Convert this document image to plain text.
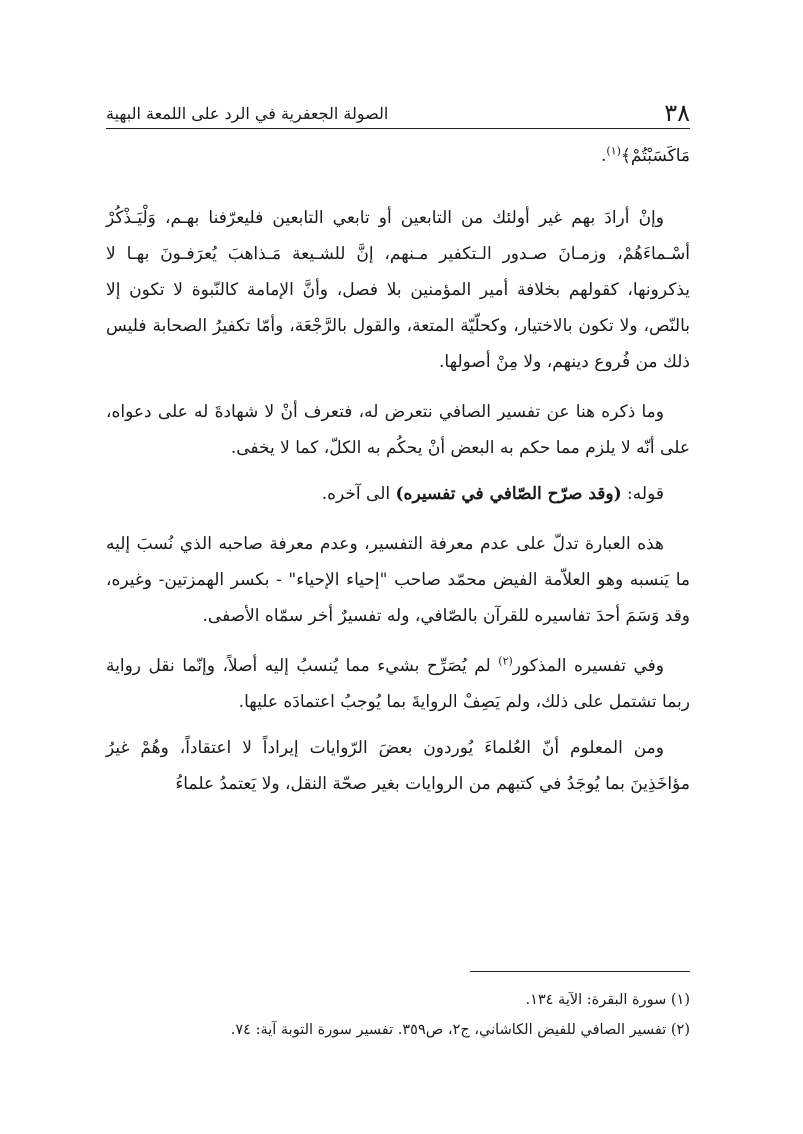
٣٨
الصولة الجعفرية في الرد على اللمعة البهية

مَاكَسَبْتُمْ﴾$^{(١)}$.

وإنْ أرادَ بهم غير أولئك من التابعين أو تابعي التابعين فليعرّفنا بهـم، وَلْيَـذْكُرْ أسْـماءَهُمْ، وزمـانَ صـدور الـتكفير مـنهم، إنَّ للشـيعة مَـذاهبَ يُعرَفـونَ بهـا لا يذكرونها، كقولهم بخلافة أمير المؤمنين بلا فصل، وأنَّ الإمامة كالنّبوة لا تكون إلا بالنّص، ولا تكون بالاختيار، وكحلّيّة المتعة، والقول بالرَّجْعَة، وأمّا تكفيرُ الصحابة فليس ذلك من فُروع دينهم، ولا مِنْ أصولها.

وما ذكره هنا عن تفسير الصافي نتعرض له، فتعرف أنْ لا شهادةَ له على دعواه، على أنّه لا يلزم مما حكم به البعض أنْ يحكُم به الكلّ، كما لا يخفى.

قوله: (وقد صرّح الصّافي في تفسيره) الى آخره.

هذه العبارة تدلّ على عدم معرفة التفسير، وعدم معرفة صاحبه الذي نُسبَ إليه ما يَنسبه وهو العلاّمة الفيض محمّد صاحب "إحياء الإحياء" - بكسر الهمزتين- وغيره، وقد وَسَمَ أحدَ تفاسيره للقرآن بالصّافي، وله تفسيرٌ أخر سمّاه الأصفى.

وفي تفسيره المذكور$^{(٢)}$ لم يُصَرِّح بشيء مما يُنسبُ إليه أصلاً، وإنّما نقل رواية ربما تشتمل على ذلك، ولم يَصِفْ الروايةَ بما يُوجبُ اعتمادَه عليها.

ومن المعلوم أنّ العُلماءَ يُوردون بعضَ الرّوايات إيراداً لا اعتقاداً، وهُمْ غيرُ مؤاخَذِينَ بما يُوجَدُ في كتبهم من الروايات بغير صحّة النقل، ولا يَعتمدُ علماءُ

(١) سورة البقرة: الآية ١٣٤.

(٢) تفسير الصافي للفيض الكاشاني، ج٢، ص٣٥٩. تفسير سورة التوبة آية: ٧٤.
